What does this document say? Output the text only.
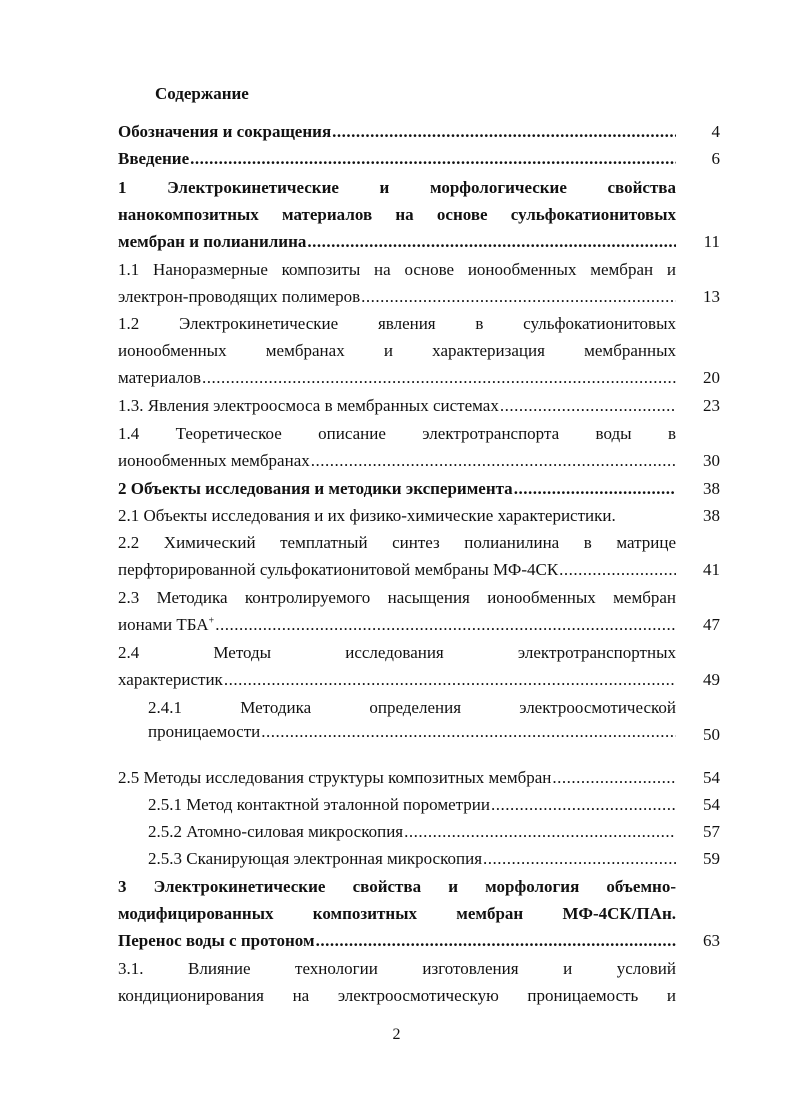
Содержание
Обозначения и сокращения .....	4
Введение .....	6
1 Электрокинетические и морфологические свойства
нанокомпозитных материалов на основе сульфокатионитовых
мембран и полианилина .....	11
1.1 Наноразмерные композиты на основе ионообменных мембран и
электрон-проводящих полимеров .....	13
1.2 Электрокинетические явления в сульфокатионитовых
ионообменных мембранах и характеризация мембранных
материалов .....	20
1.3. Явления электроосмоса в мембранных системах .....	23
1.4 Теоретическое описание электротранспорта воды в
ионообменных мембранах .....	30
2 Объекты исследования и методики эксперимента .....	38
2.1 Объекты исследования и их физико-химические характеристики.	38
2.2 Химический темплатный синтез полианилина в матрице
перфторированной сульфокатионитовой мембраны МФ-4СК .....	41
2.3 Методика контролируемого насыщения ионообменных мембран
ионами ТБА+ .....	47
2.4 Методы исследования электротранспортных
характеристик .....	49
2.4.1 Методика определения электроосмотической
проницаемости .....	50
2.5 Методы исследования структуры композитных мембран .....	54
2.5.1 Метод контактной эталонной порометрии .....	54
2.5.2 Атомно-силовая микроскопия .....	57
2.5.3 Сканирующая электронная микроскопия .....	59
3 Электрокинетические свойства и морфология объемно-
модифицированных композитных мембран МФ-4СК/ПАн.
Перенос воды с протоном .....	63
3.1. Влияние технологии изготовления и условий
кондиционирования на электроосмотическую проницаемость и
2
